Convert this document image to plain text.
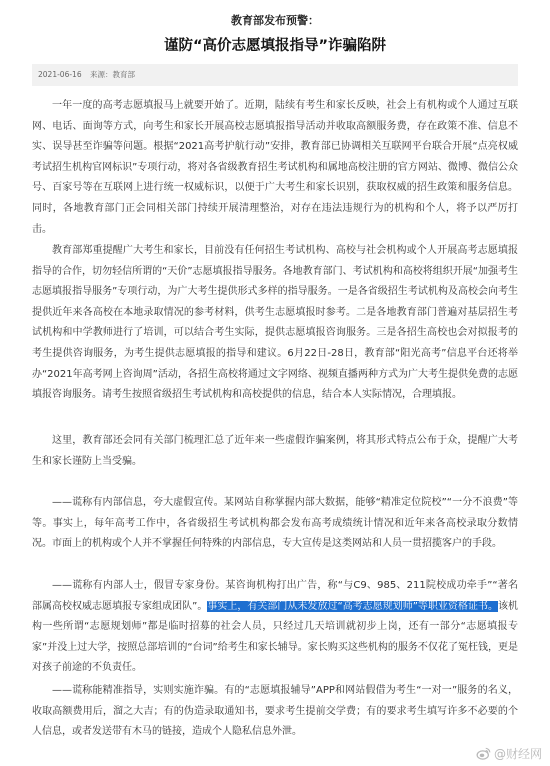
教育部发布预警：
谨防“高价志愿填报指导”诈骗陷阱
2021-06-16 来源：教育部

一年一度的高考志愿填报马上就要开始了。近期，陆续有考生和家长反映，社会上有机构或个人通过互联网、电话、面询等方式，向考生和家长开展高校志愿填报指导活动并收取高额服务费，存在政策不准、信息不实、误导甚至诈骗等问题。根据“2021高考护航行动”安排，教育部已协调相关互联网平台联合开展“点亮权威考试招生机构官网标识”专项行动，将对各省级教育招生考试机构和属地高校注册的官方网站、微博、微信公众号、百家号等在互联网上进行统一权威标识，以便于广大考生和家长识别，获取权威的招生政策和服务信息。同时，各地教育部门正会同相关部门持续开展清理整治，对存在违法违规行为的机构和个人，将予以严厉打击。

教育部郑重提醒广大考生和家长，目前没有任何招生考试机构、高校与社会机构或个人开展高考志愿填报指导的合作，切勿轻信所谓的“天价”志愿填报指导服务。各地教育部门、考试机构和高校将组织开展“加强考生志愿填报指导服务”专项行动，为广大考生提供形式多样的指导服务。一是各省级招生考试机构及高校会向考生提供近年来各高校在本地录取情况的参考材料，供考生志愿填报时参考。二是各地教育部门普遍对基层招生考试机构和中学教师进行了培训，可以结合考生实际，提供志愿填报咨询服务。三是各招生高校也会对拟报考的考生提供咨询服务，为考生提供志愿填报的指导和建议。6月22日-28日，教育部“阳光高考”信息平台还将举办“2021年高考网上咨询周”活动，各招生高校将通过文字网络、视频直播两种方式为广大考生提供免费的志愿填报咨询服务。请考生按照省级招生考试机构和高校提供的信息，结合本人实际情况，合理填报。

这里，教育部还会同有关部门梳理汇总了近年来一些虚假诈骗案例，将其形式特点公布于众，提醒广大考生和家长谨防上当受骗。

——谎称有内部信息，夸大虚假宣传。某网站自称掌握内部大数据，能够“精准定位院校”“一分不浪费”等等。事实上，每年高考工作中，各省级招生考试机构都会发布高考成绩统计情况和近年来各高校录取分数情况。市面上的机构或个人并不掌握任何特殊的内部信息，专大宣传是这类网站和人员一贯招揽客户的手段。

——谎称有内部人士，假冒专家身份。某咨询机构打出广告，称“与C9、985、211院校成功牵手”“著名部属高校权威志愿填报专家组成团队”。事实上，有关部门从未发放过“高考志愿规划师”等职业资格证书。该机构一些所谓“志愿规划师”都是临时招募的社会人员，只经过几天培训就初步上岗，还有一部分“志愿填报专家”并没上过大学，按照总部培训的“台词”给考生和家长辅导。家长购买这些机构的服务不仅花了冤枉钱，更是对孩子前途的不负责任。

——谎称能精准指导，实则实施诈骗。有的“志愿填报辅导”APP和网站假借为考生“一对一”服务的名义，收取高额费用后，溜之大吉；有的伪造录取通知书，要求考生提前交学费；有的要求考生填写许多不必要的个人信息，或者发送带有木马的链接，造成个人隐私信息外泄。

@财经网
